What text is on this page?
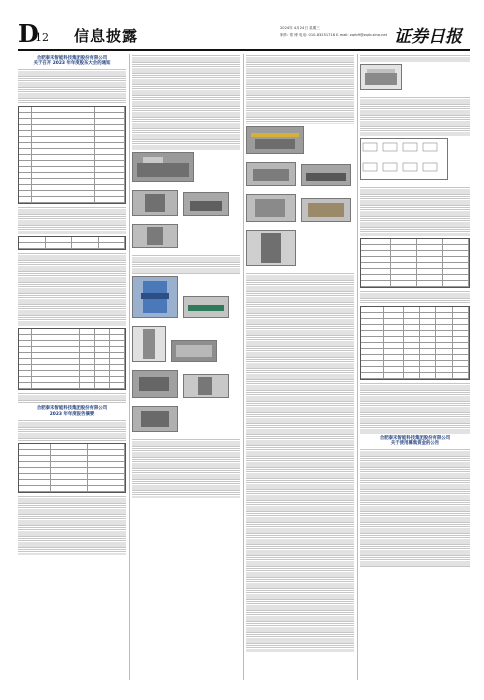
D
12 信息披露	2024年 4月24日 星期三
制作: 郑 博 电话: 010-83251716 E-mail: zqrb9@zqrb.sina.net 证券日报
合肥泰禾智能科技集团股份有限公司
关于召开 2023 年年度股东大会的通知
合肥泰禾智能科技集团股份有限公司
2023 年年度报告摘要

合肥泰禾智能科技集团股份有限公司
关于使用募集资金的公告
